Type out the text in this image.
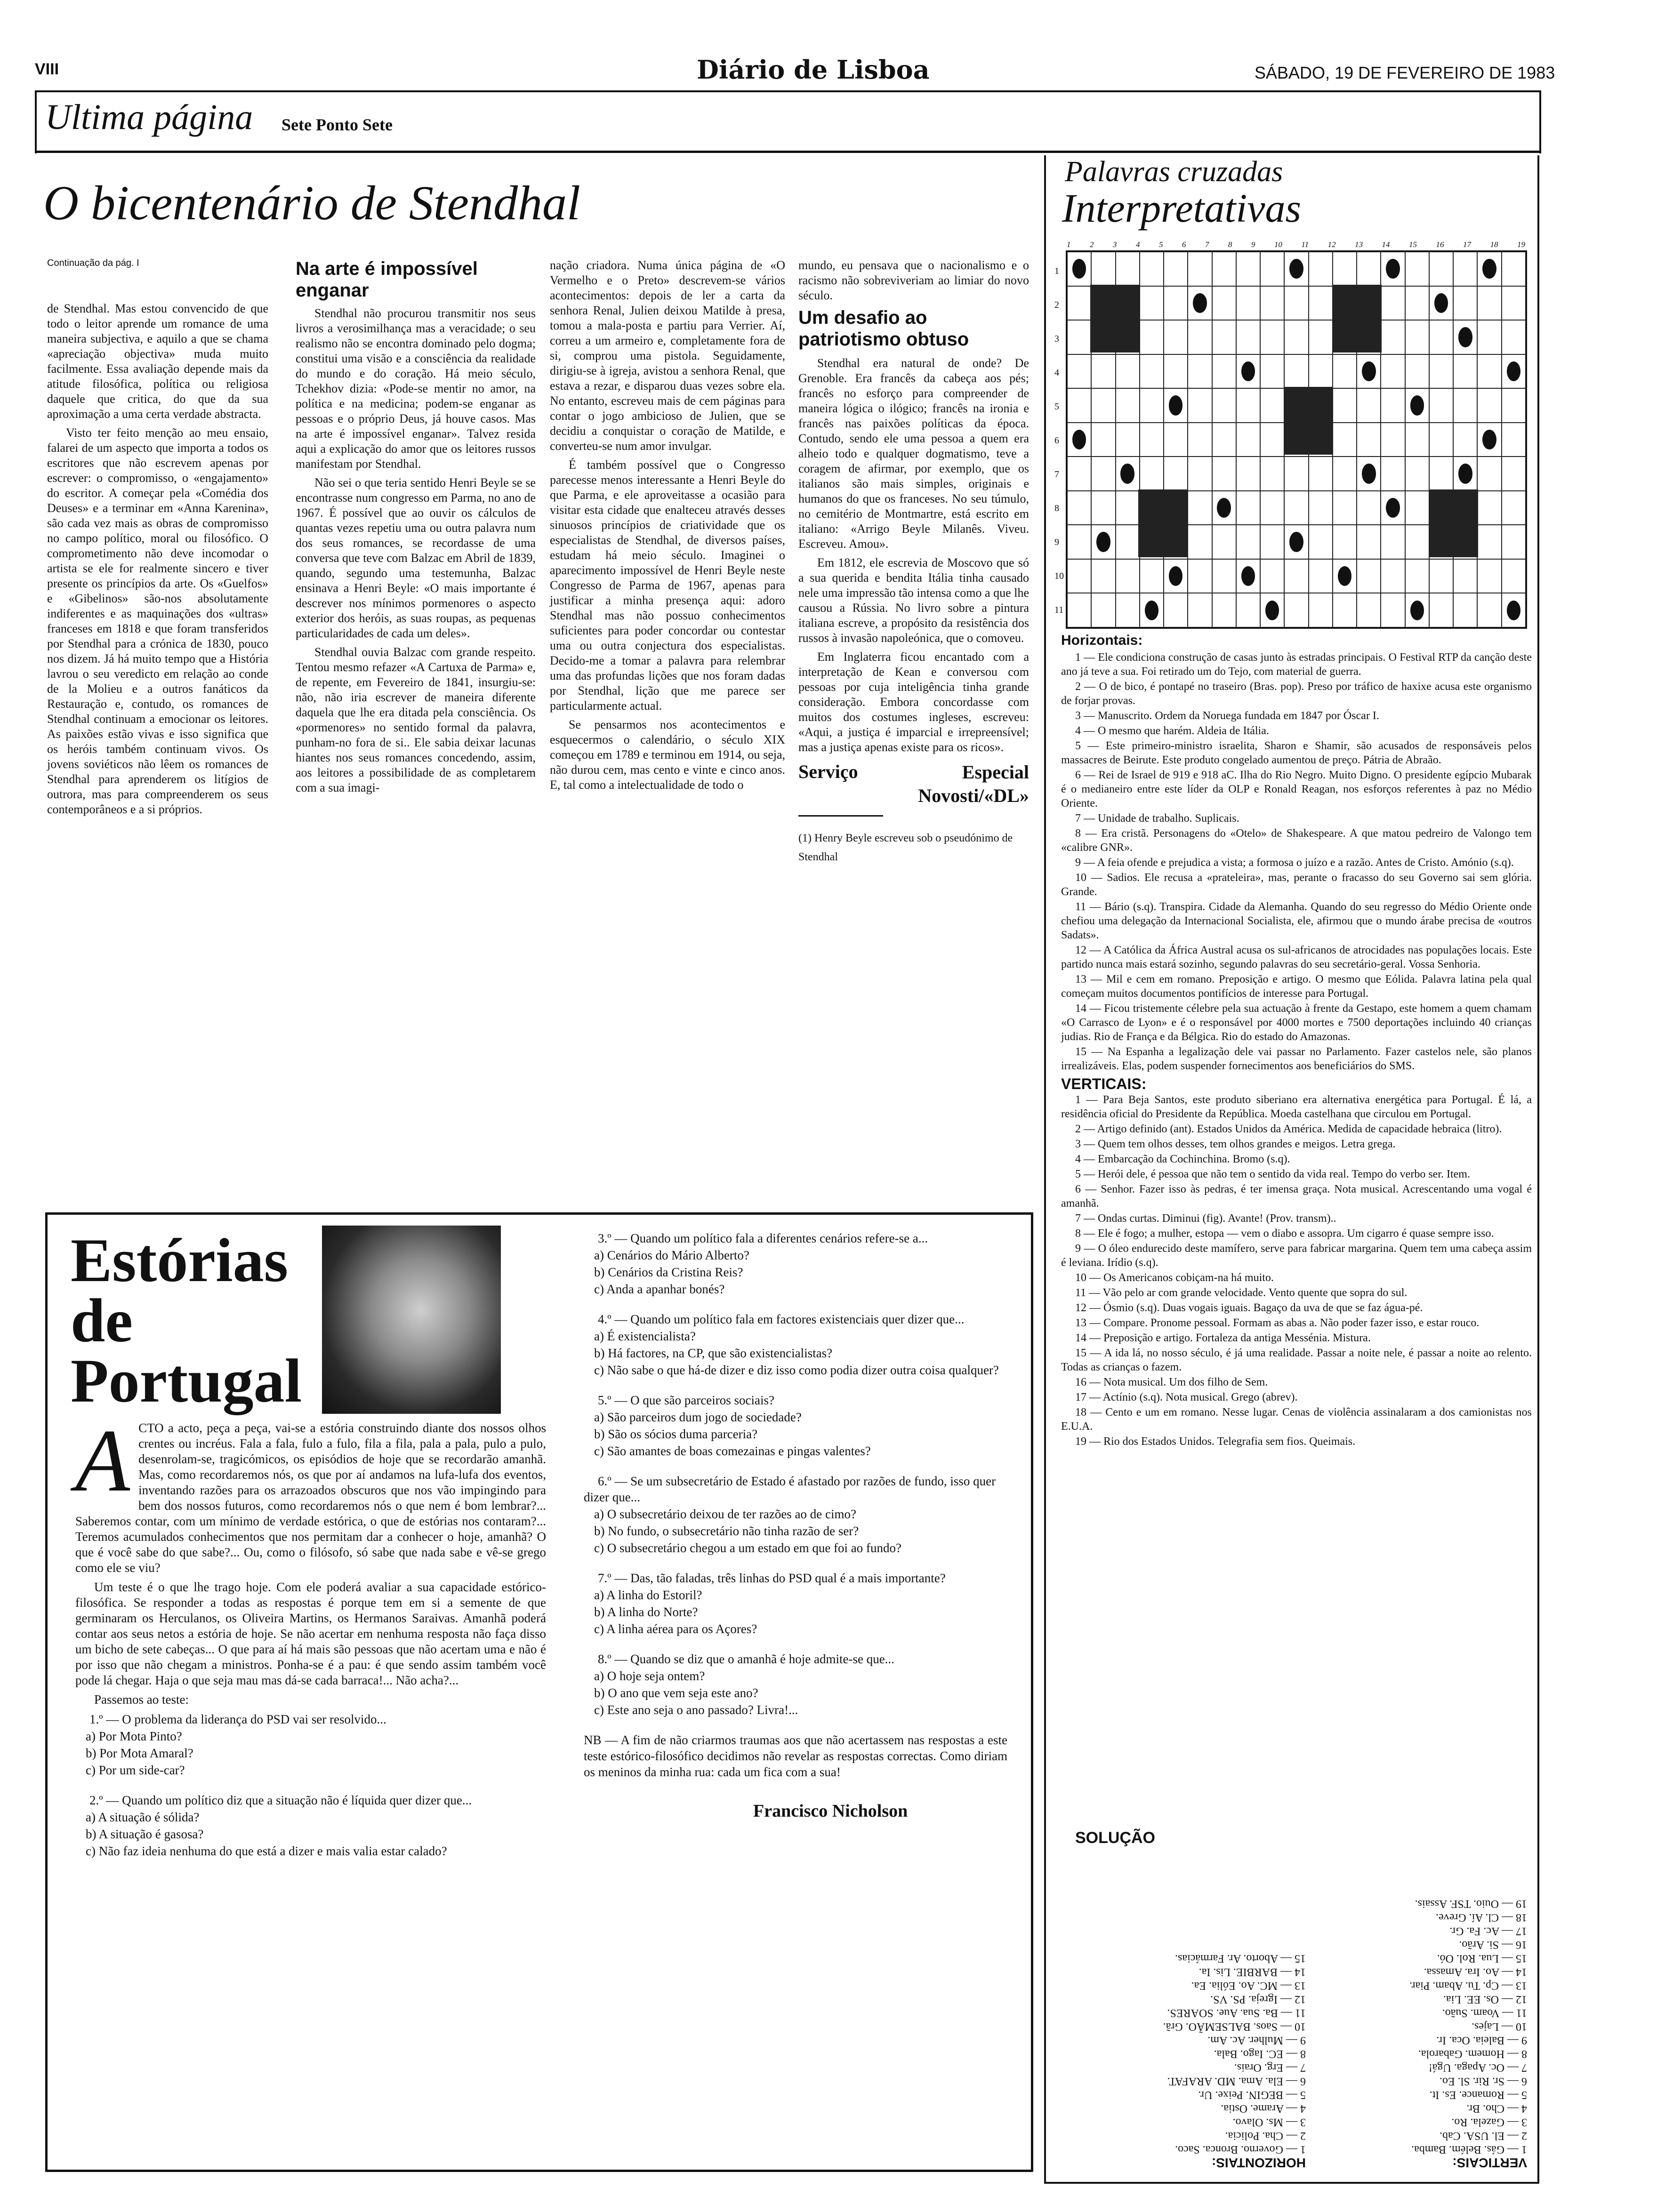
VIII	Diário de Lisboa	SÁBADO, 19 DE FEVEREIRO DE 1983
Ultima página Sete Ponto Sete
O bicentenário de Stendhal
Continuação da pág. I

de Stendhal. Mas estou convencido de que todo o leitor aprende um romance de uma maneira subjectiva, e aquilo a que se chama «apreciação objectiva» muda muito facilmente. Essa avaliação depende mais da atitude filosófica, política ou religiosa daquele que critica, do que da sua aproximação a uma certa verdade abstracta.

Visto ter feito menção ao meu ensaio, falarei de um aspecto que importa a todos os escritores que não escrevem apenas por escrever: o compromisso, o «engajamento» do escritor. A começar pela «Comédia dos Deuses» e a terminar em «Anna Karenina», são cada vez mais as obras de compromisso no campo político, moral ou filosófico. O comprometimento não deve incomodar o artista se ele for realmente sincero e tiver presente os princípios da arte. Os «Guelfos» e «Gibelinos» são-nos absolutamente indiferentes e as maquinações dos «ultras» franceses em 1818 e que foram transferidos por Stendhal para a crónica de 1830, pouco nos dizem. Já há muito tempo que a História lavrou o seu veredicto em relação ao conde de la Moliеu e a outros fanáticos da Restauração e, contudo, os romances de Stendhal continuam a emocionar os leitores. As paixões estão vivas e isso significa que os heróis também continuam vivos. Os jovens soviéticos não lêem os romances de Stendhal para aprenderem os litígios de outrora, mas para compreenderem os seus contemporâneos e a si próprios.

Na arte é impossível enganar

Stendhal não procurou transmitir nos seus livros a verosimilhança mas a veracidade; o seu realismo não se encontra dominado pelo dogma; constitui uma visão e a consciência da realidade do mundo e do coração. Há meio século, Tchekhov dizia: «Pode-se mentir no amor, na política e na medicina; podem-se enganar as pessoas e o próprio Deus, já houve casos. Mas na arte é impossível enganar». Talvez resida aqui a explicação do amor que os leitores russos manifestam por Stendhal.

Não sei o que teria sentido Henri Beyle se se encontrasse num congresso em Parma, no ano de 1967. É possível que ao ouvir os cálculos de quantas vezes repetiu uma ou outra palavra num dos seus romances, se recordasse de uma conversa que teve com Balzac em Abril de 1839, quando, segundo uma testemunha, Balzac ensinava a Henri Beyle: «O mais importante é descrever nos mínimos pormenores o aspecto exterior dos heróis, as suas roupas, as pequenas particularidades de cada um deles».

Stendhal ouvia Balzac com grande respeito. Tentou mesmo refazer «A Cartuxa de Parma» e, de repente, em Fevereiro de 1841, insurgiu-se: não, não iria escrever de maneira diferente daquela que lhe era ditada pela consciência. Os «pormenores» no sentido formal da palavra, punham-no fora de si.. Ele sabia deixar lacunas hiantes nos seus romances concedendo, assim, aos leitores a possibilidade de as completarem com a sua imagi-

nação criadora. Numa única página de «O Vermelho e o Preto» descrevem-se vários acontecimentos: depois de ler a carta da senhora Renal, Julien deixou Matilde à presa, tomou a mala-posta e partiu para Verrier. Aí, correu a um armeiro e, completamente fora de si, comprou uma pistola. Seguidamente, dirigiu-se à igreja, avistou a senhora Renal, que estava a rezar, e disparou duas vezes sobre ela. No entanto, escreveu mais de cem páginas para contar o jogo ambicioso de Julien, que se decidiu a conquistar o coração de Matilde, e converteu-se num amor invulgar.

É também possível que o Congresso parecesse menos interessante a Henri Beyle do que Parma, e ele aproveitasse a ocasião para visitar esta cidade que enalteceu através desses sinuosos princípios de criatividade que os especialistas de Stendhal, de diversos países, estudam há meio século. Imaginei o aparecimento impossível de Henri Beyle neste Congresso de Parma de 1967, apenas para justificar a minha presença aqui: adoro Stendhal mas não possuo conhecimentos suficientes para poder concordar ou contestar uma ou outra conjectura dos especialistas. Decido-me a tomar a palavra para relembrar uma das profundas lições que nos foram dadas por Stendhal, lição que me parece ser particularmente actual.

Se pensarmos nos acontecimentos e esquecermos o calendário, o século XIX começou em 1789 e terminou em 1914, ou seja, não durou cem, mas cento e vinte e cinco anos. E, tal como a intelectualidade de todo o

mundo, eu pensava que o nacionalismo e o racismo não sobreviveriam ao limiar do novo século.

Um desafio ao patriotismo obtuso

Stendhal era natural de onde? De Grenoble. Era francês da cabeça aos pés; francês no esforço para compreender de maneira lógica o ilógico; francês na ironia e francês nas paixões políticas da época. Contudo, sendo ele uma pessoa a quem era alheio todo e qualquer dogmatismo, teve a coragem de afirmar, por exemplo, que os italianos são mais simples, originais e humanos do que os franceses. No seu túmulo, no cemitério de Montmartre, está escrito em italiano: «Arrigo Beyle Milanês. Viveu. Escreveu. Amou».

Em 1812, ele escrevia de Moscovo que só a sua querida e bendita Itália tinha causado nele uma impressão tão intensa como a que lhe causou a Rússia. No livro sobre a pintura italiana escreve, a propósito da resistência dos russos à invasão napoleónica, que o comoveu.

Em Inglaterra ficou encantado com a interpretação de Kean e conversou com pessoas por cuja inteligência tinha grande consideração. Embora concordasse com muitos dos costumes ingleses, escreveu: «Aqui, a justiça é imparcial e irrepreensível; mas a justiça apenas existe para os ricos».

Serviço	Especial Novosti/«DL»
(1) Henry Beyle escreveu sob o pseudónimo de Stendhal
Palavras cruzadas
Interpretativas
1 2 3 4 5 6 7 8 9 10 11 12 13 14 15 16 17 18 19
1
2
3
4
5
6
7
8
9
10
11
Horizontais:

1 — Ele condiciona construção de casas junto às estradas principais. O Festival RTP da canção deste ano já teve a sua. Foi retirado um do Tejo, com material de guerra.

2 — O de bico, é pontapé no traseiro (Bras. pop). Preso por tráfico de haxixe acusa este organismo de forjar provas.

3 — Manuscrito. Ordem da Noruega fundada em 1847 por Óscar I.

4 — O mesmo que harém. Aldeia de Itália.

5 — Este primeiro-ministro israelita, Sharon e Shamir, são acusados de responsáveis pelos massacres de Beirute. Este produto congelado aumentou de preço. Pátria de Abraão.

6 — Rei de Israel de 919 e 918 aC. Ilha do Rio Negro. Muito Digno. O presidente egípcio Mubarak é o medianeiro entre este líder da OLP e Ronald Reagan, nos esforços referentes à paz no Médio Oriente.

7 — Unidade de trabalho. Suplicais.

8 — Era cristã. Personagens do «Otelo» de Shakespeare. A que matou pedreiro de Valongo tem «calibre GNR».

9 — A feia ofende e prejudica a vista; a formosa o juízo e a razão. Antes de Cristo. Amónio (s.q).

10 — Sadios. Ele recusa a «prateleira», mas, perante o fracasso do seu Governo sai sem glória. Grande.

11 — Bário (s.q). Transpira. Cidade da Alemanha. Quando do seu regresso do Médio Oriente onde chefiou uma delegação da Internacional Socialista, ele, afirmou que o mundo árabe precisa de «outros Sadats».

12 — A Católica da África Austral acusa os sul-africanos de atrocidades nas populações locais. Este partido nunca mais estará sozinho, segundo palavras do seu secretário-geral. Vossa Senhoria.

13 — Mil e cem em romano. Preposição e artigo. O mesmo que Eólida. Palavra latina pela qual começam muitos documentos pontifícios de interesse para Portugal.

14 — Ficou tristemente célebre pela sua actuação à frente da Gestapo, este homem a quem chamam «O Carrasco de Lyon» e é o responsável por 4000 mortes e 7500 deportações incluindo 40 crianças judias. Rio de França e da Bélgica. Rio do estado do Amazonas.

15 — Na Espanha a legalização dele vai passar no Parlamento. Fazer castelos nele, são planos irrealizáveis. Elas, podem suspender fornecimentos aos beneficiários do SMS.

VERTICAIS:

1 — Para Beja Santos, este produto siberiano era alternativa energética para Portugal. É lá, a residência oficial do Presidente da República. Moeda castelhana que circulou em Portugal.

2 — Artigo definido (ant). Estados Unidos da América. Medida de capacidade hebraica (litro).

3 — Quem tem olhos desses, tem olhos grandes e meigos. Letra grega.

4 — Embarcação da Cochinchina. Bromo (s.q).

5 — Herói dele, é pessoa que não tem o sentido da vida real. Tempo do verbo ser. Item.

6 — Senhor. Fazer isso às pedras, é ter imensa graça. Nota musical. Acrescentando uma vogal é amanhã.

7 — Ondas curtas. Diminui (fig). Avante! (Prov. transm)..

8 — Ele é fogo; a mulher, estopa — vem o diabo e assopra. Um cigarro é quase sempre isso.

9 — O óleo endurecido deste mamífero, serve para fabricar margarina. Quem tem uma cabeça assim é leviana. Irídio (s.q).

10 — Os Americanos cobiçam-na há muito.

11 — Vão pelo ar com grande velocidade. Vento quente que sopra do sul.

12 — Ósmio (s.q). Duas vogais iguais. Bagaço da uva de que se faz água-pé.

13 — Compare. Pronome pessoal. Formam as abas a. Não poder fazer isso, e estar rouco.

14 — Preposição e artigo. Fortaleza da antiga Messénia. Mistura.

15 — A ida lá, no nosso século, é já uma realidade. Passar a noite nele, é passar a noite ao relento. Todas as crianças o fazem.

16 — Nota musical. Um dos filho de Sem.

17 — Actínio (s.q). Nota musical. Grego (abrev).

18 — Cento e um em romano. Nesse lugar. Cenas de violência assinalaram a dos camionistas nos E.U.A.

19 — Rio dos Estados Unidos. Telegrafia sem fios. Queimais.

SOLUÇÃO
HORIZONTAIS:
1 — Governo. Bronca. Saco.
2 — Cha. Policia.
3 — Ms. Olavo.
4 — Arame. Ostia.
5 — BEGIN. Peixe. Ur.
6 — Ela. Ama. MD. ARAFAT.
7 — Erg. Orais.
8 — EC. Iago. Bala.
9 — Mulher. Ac. Am.
10 — Saos. BALSEMÃO. Grã.
11 — Ba. Sua. Aue. SOARES.
12 — Igreja. PS. VS.
13 — MC. Ao. Eólia. Ea.
14 — BARBIE. Lis. Ia.
15 — Aborto. Ar. Farmácias.
VERTICAIS:
1 — Gás. Belém. Bamba.
2 — El. USA. Cab.
3 — Gazela. Ro.
4 — Cho. Br.
5 — Romance. Es. It.
6 — Sr. Rir. Sl. Eo.
7 — Oc. Apaga. Ugá!
8 — Homem. Gabarola.
9 — Baleia. Oca. Ir.
10 — Lajes.
11 — Voam. Suão.
12 — Os. EE. Lia.
13 — Cp. Tu. Abam. Piar.
14 — Ao. Ira. Amassa.
15 — Lua. Rol. Oó.
16 — Si. Arão.
17 — Ac. Fa. Gr.
18 — Cl. Aí. Greve.
19 — Ouio. TSF. Assais.
Estórias
de
Portugal
A CTO a acto, peça a peça, vai-se a estória construindo diante dos nossos olhos crentes ou incréus. Fala a fala, fulo a fulo, fila a fila, pala a pala, pulo a pulo, desenrolam-se, tragicómicos, os episódios de hoje que se recordarão amanhã. Mas, como recordaremos nós, os que por aí andamos na lufa-lufa dos eventos, inventando razões para os arrazoados obscuros que nos vão impingindo para bem dos nossos futuros, como recordaremos nós o que nem é bom lembrar?... Saberemos contar, com um mínimo de verdade estórica, o que de estórias nos contaram?... Teremos acumulados conhecimentos que nos permitam dar a conhecer o hoje, amanhã? O que é você sabe do que sabe?... Ou, como o filósofo, só sabe que nada sabe e vê-se grego como ele se viu?

Um teste é o que lhe trago hoje. Com ele poderá avaliar a sua capacidade estórico-filosófica. Se responder a todas as respostas é porque tem em si a semente de que germinaram os Herculanos, os Oliveira Martins, os Hermanos Saraivas. Amanhã poderá contar aos seus netos a estória de hoje. Se não acertar em nenhuma resposta não faça disso um bicho de sete cabeças... O que para aí há mais são pessoas que não acertam uma e não é por isso que não chegam a ministros. Ponha-se é a pau: é que sendo assim também você pode lá chegar. Haja o que seja mau mas dá-se cada barraca!... Não acha?...

Passemos ao teste:

1.º — O problema da liderança do PSD vai ser resolvido...

a) Por Mota Pinto?
b) Por Mota Amaral?
c) Por um side-car?

2.º — Quando um político diz que a situação não é líquida quer dizer que...

a) A situação é sólida?
b) A situação é gasosa?
c) Não faz ideia nenhuma do que está a dizer e mais valia estar calado?

3.º — Quando um político fala a diferentes cenários refere-se a...

a) Cenários do Mário Alberto?
b) Cenários da Cristina Reis?
c) Anda a apanhar bonés?

4.º — Quando um político fala em factores existenciais quer dizer que...

a) É existencialista?
b) Há factores, na CP, que são existencialistas?
c) Não sabe o que há-de dizer e diz isso como podia dizer outra coisa qualquer?

5.º — O que são parceiros sociais?

a) São parceiros dum jogo de sociedade?
b) São os sócios duma parceria?
c) São amantes de boas comezainas e pingas valentes?

6.º — Se um subsecretário de Estado é afastado por razões de fundo, isso quer dizer que...

a) O subsecretário deixou de ter razões ao de cimo?
b) No fundo, o subsecretário não tinha razão de ser?
c) O subsecretário chegou a um estado em que foi ao fundo?

7.º — Das, tão faladas, três linhas do PSD qual é a mais importante?

a) A linha do Estoril?
b) A linha do Norte?
c) A linha aérea para os Açores?

8.º — Quando se diz que o amanhã é hoje admite-se que...

a) O hoje seja ontem?
b) O ano que vem seja este ano?
c) Este ano seja o ano passado? Livra!...

NB — A fim de não criarmos traumas aos que não acertassem nas respostas a este teste estórico-filosófico decidimos não revelar as respostas correctas. Como diriam os meninos da minha rua: cada um fica com a sua!

Francisco Nicholson
